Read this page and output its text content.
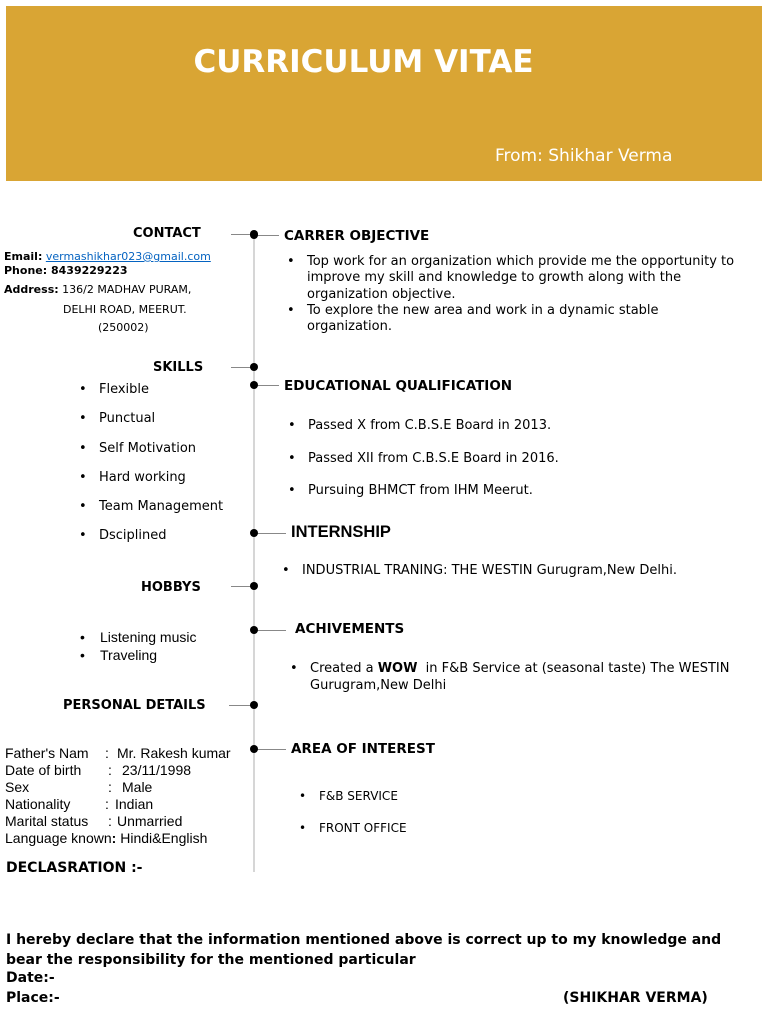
CURRICULUM VITAE
From: Shikhar Verma
CONTACT
Email: vermashikhar023@gmail.com
Phone: 8439229223
Address: 136/2 MADHAV PURAM,
DELHI ROAD, MEERUT.
(250002)
SKILLS
• Flexible
• Punctual
• Self Motivation
• Hard working
• Team Management
• Dsciplined
HOBBYS
• Listening music
• Traveling
PERSONAL DETAILS
Father's Nam : Mr. Rakesh kumar
Date of birth : 23/11/1998
Sex	: Male
Nationality : Indian
Marital status : Unmarried
Language known: Hindi&English
CARRER OBJECTIVE
• Top work for an organization which provide me the opportunity to improve my skill and knowledge to growth along with the organization objective.
• To explore the new area and work in a dynamic stable organization.
EDUCATIONAL QUALIFICATION
• Passed X from C.B.S.E Board in 2013.
• Passed XII from C.B.S.E Board in 2016.
• Pursuing BHMCT from IHM Meerut.
INTERNSHIP
• INDUSTRIAL TRANING: THE WESTIN Gurugram,New Delhi.
ACHIVEMENTS
• Created a WOW  in F&B Service at (seasonal taste) The WESTIN Gurugram,New Delhi
AREA OF INTEREST
• F&B SERVICE
• FRONT OFFICE
DECLASRATION :-
I hereby declare that the information mentioned above is correct up to my knowledge and bear the responsibility for the mentioned particular
Date:-
Place:-	(SHIKHAR VERMA)
